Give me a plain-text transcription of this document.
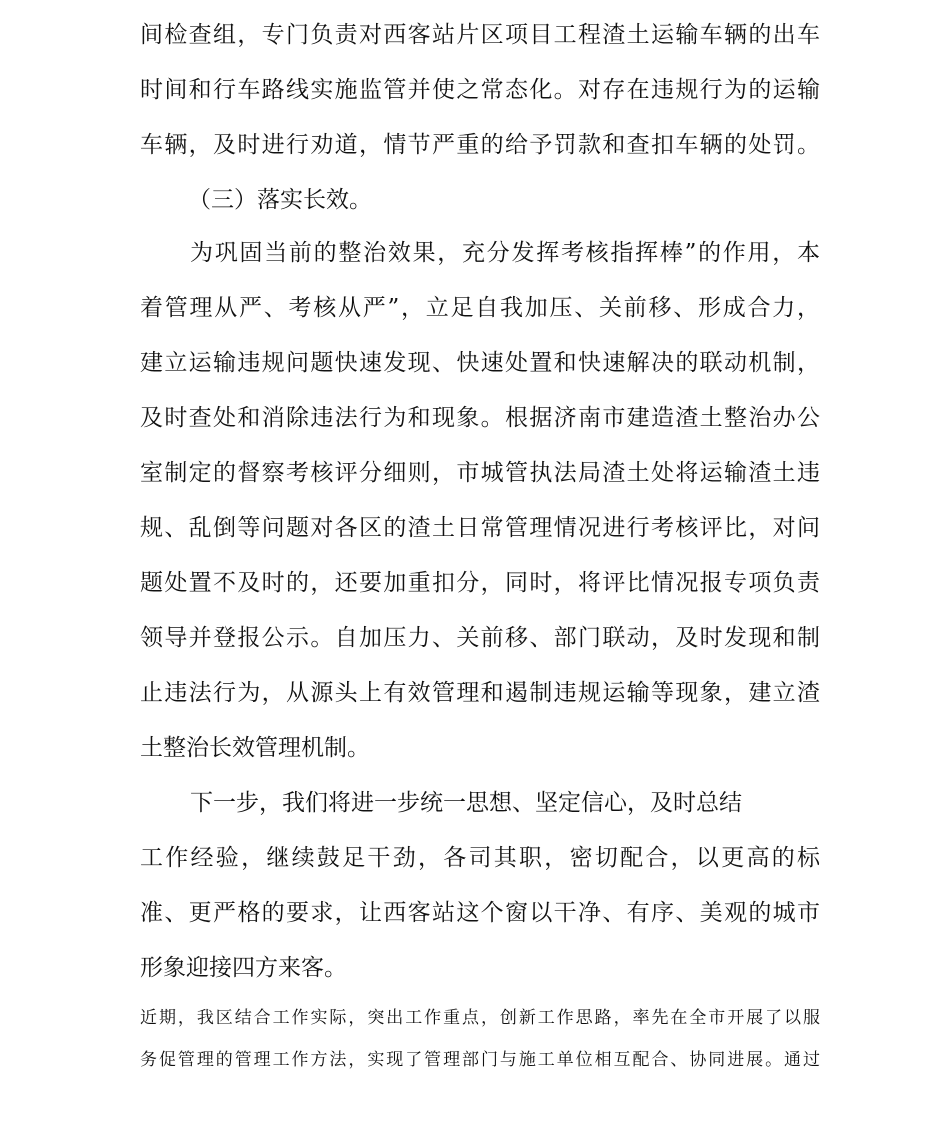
间检查组，专门负责对西客站片区项目工程渣土运输车辆的出车
时间和行车路线实施监管并使之常态化。对存在违规行为的运输
车辆，及时进行劝道，情节严重的给予罚款和查扣车辆的处罚。
（三）落实长效。
为巩固当前的整治效果，充分发挥考核指挥棒”的作用，本
着管理从严、考核从严”，立足自我加压、关前移、形成合力，
建立运输违规问题快速发现、快速处置和快速解决的联动机制，
及时查处和消除违法行为和现象。根据济南市建造渣土整治办公
室制定的督察考核评分细则，市城管执法局渣土处将运输渣土违
规、乱倒等问题对各区的渣土日常管理情况进行考核评比，对问
题处置不及时的，还要加重扣分，同时，将评比情况报专项负责
领导并登报公示。自加压力、关前移、部门联动，及时发现和制
止违法行为，从源头上有效管理和遏制违规运输等现象，建立渣
土整治长效管理机制。
下一步，我们将进一步统一思想、坚定信心，及时总结
工作经验，继续鼓足干劲，各司其职，密切配合，以更高的标
准、更严格的要求，让西客站这个窗以干净、有序、美观的城市
形象迎接四方来客。
近期，我区结合工作实际，突出工作重点，创新工作思路，率先在全市开展了以服
务促管理的管理工作方法，实现了管理部门与施工单位相互配合、协同进展。通过
